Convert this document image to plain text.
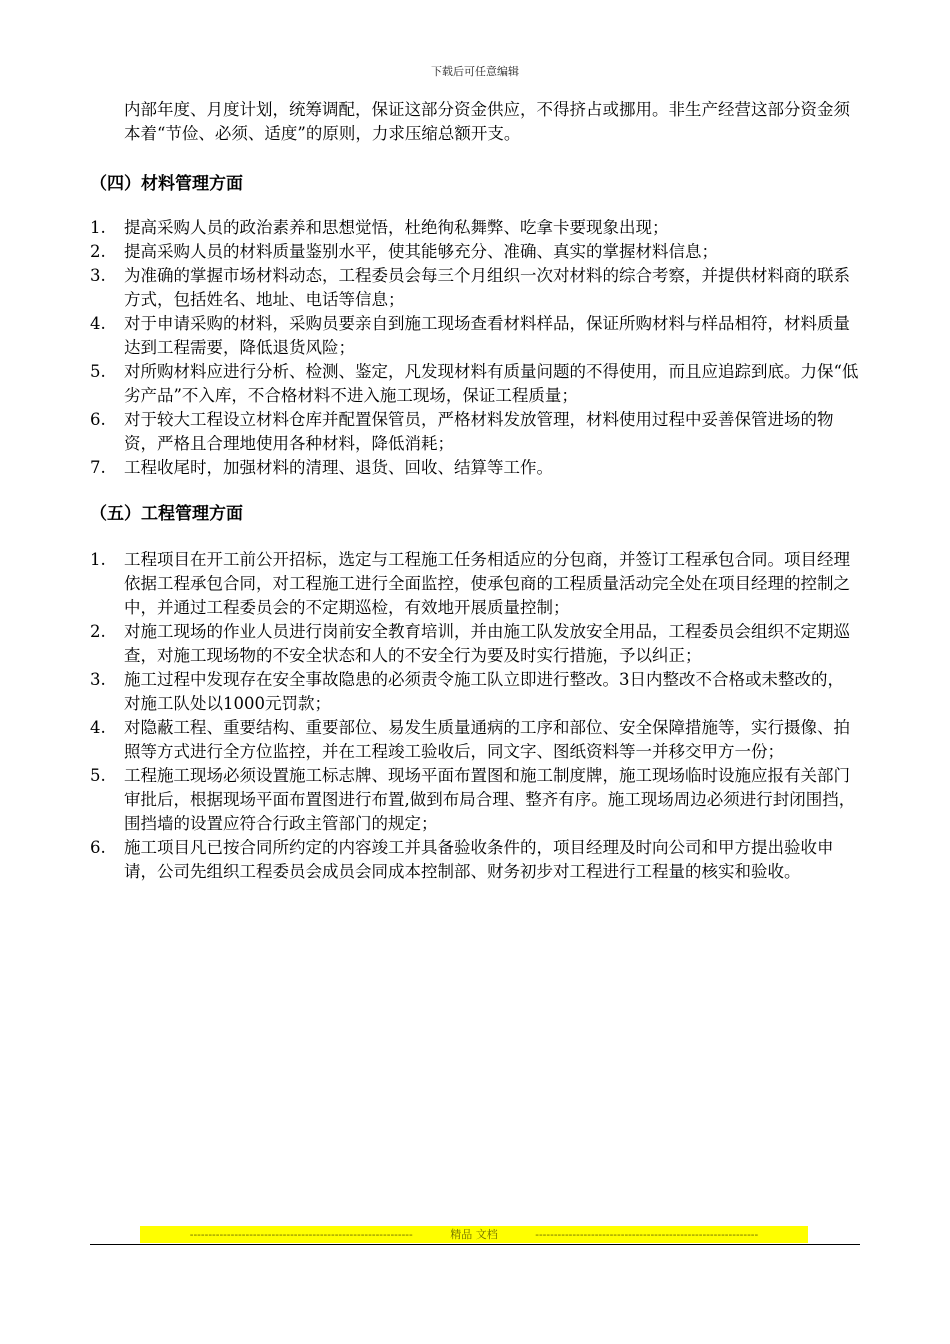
下载后可任意编辑

内部年度、月度计划，统筹调配，保证这部分资金供应，不得挤占或挪用。非生产经营这部分资金须本着“节俭、必须、适度”的原则，力求压缩总额开支。

（四）材料管理方面
1.	提高采购人员的政治素养和思想觉悟，杜绝徇私舞弊、吃拿卡要现象出现；
2.	提高采购人员的材料质量鉴别水平，使其能够充分、准确、真实的掌握材料信息；
3.	为准确的掌握市场材料动态，工程委员会每三个月组织一次对材料的综合考察，并提供材料商的联系方式，包括姓名、地址、电话等信息；
4.	对于申请采购的材料，采购员要亲自到施工现场查看材料样品，保证所购材料与样品相符，材料质量达到工程需要，降低退货风险；
5.	对所购材料应进行分析、检测、鉴定，凡发现材料有质量问题的不得使用，而且应追踪到底。力保“低劣产品”不入库，不合格材料不进入施工现场，保证工程质量；
6.	对于较大工程设立材料仓库并配置保管员，严格材料发放管理，材料使用过程中妥善保管进场的物资，严格且合理地使用各种材料，降低消耗；
7.	工程收尾时，加强材料的清理、退货、回收、结算等工作。
（五）工程管理方面
1.	工程项目在开工前公开招标，选定与工程施工任务相适应的分包商，并签订工程承包合同。项目经理依据工程承包合同，对工程施工进行全面监控，使承包商的工程质量活动完全处在项目经理的控制之中，并通过工程委员会的不定期巡检，有效地开展质量控制；
2.	对施工现场的作业人员进行岗前安全教育培训，并由施工队发放安全用品，工程委员会组织不定期巡查，对施工现场物的不安全状态和人的不安全行为要及时实行措施，予以纠正；
3.	施工过程中发现存在安全事故隐患的必须责令施工队立即进行整改。3日内整改不合格或未整改的，对施工队处以1000元罚款；
4.	对隐蔽工程、重要结构、重要部位、易发生质量通病的工序和部位、安全保障措施等，实行摄像、拍照等方式进行全方位监控，并在工程竣工验收后，同文字、图纸资料等一并移交甲方一份；
5.	工程施工现场必须设置施工标志牌、现场平面布置图和施工制度牌，施工现场临时设施应报有关部门审批后，根据现场平面布置图进行布置,做到布局合理、整齐有序。施工现场周边必须进行封闭围挡，围挡墙的设置应符合行政主管部门的规定；
6.	施工项目凡已按合同所约定的内容竣工并具备验收条件的，项目经理及时向公司和甲方提出验收申请，公司先组织工程委员会成员会同成本控制部、财务初步对工程进行工程量的核实和验收。
------------------------------------------------------------	精品 文档	------------------------------------------------------------
